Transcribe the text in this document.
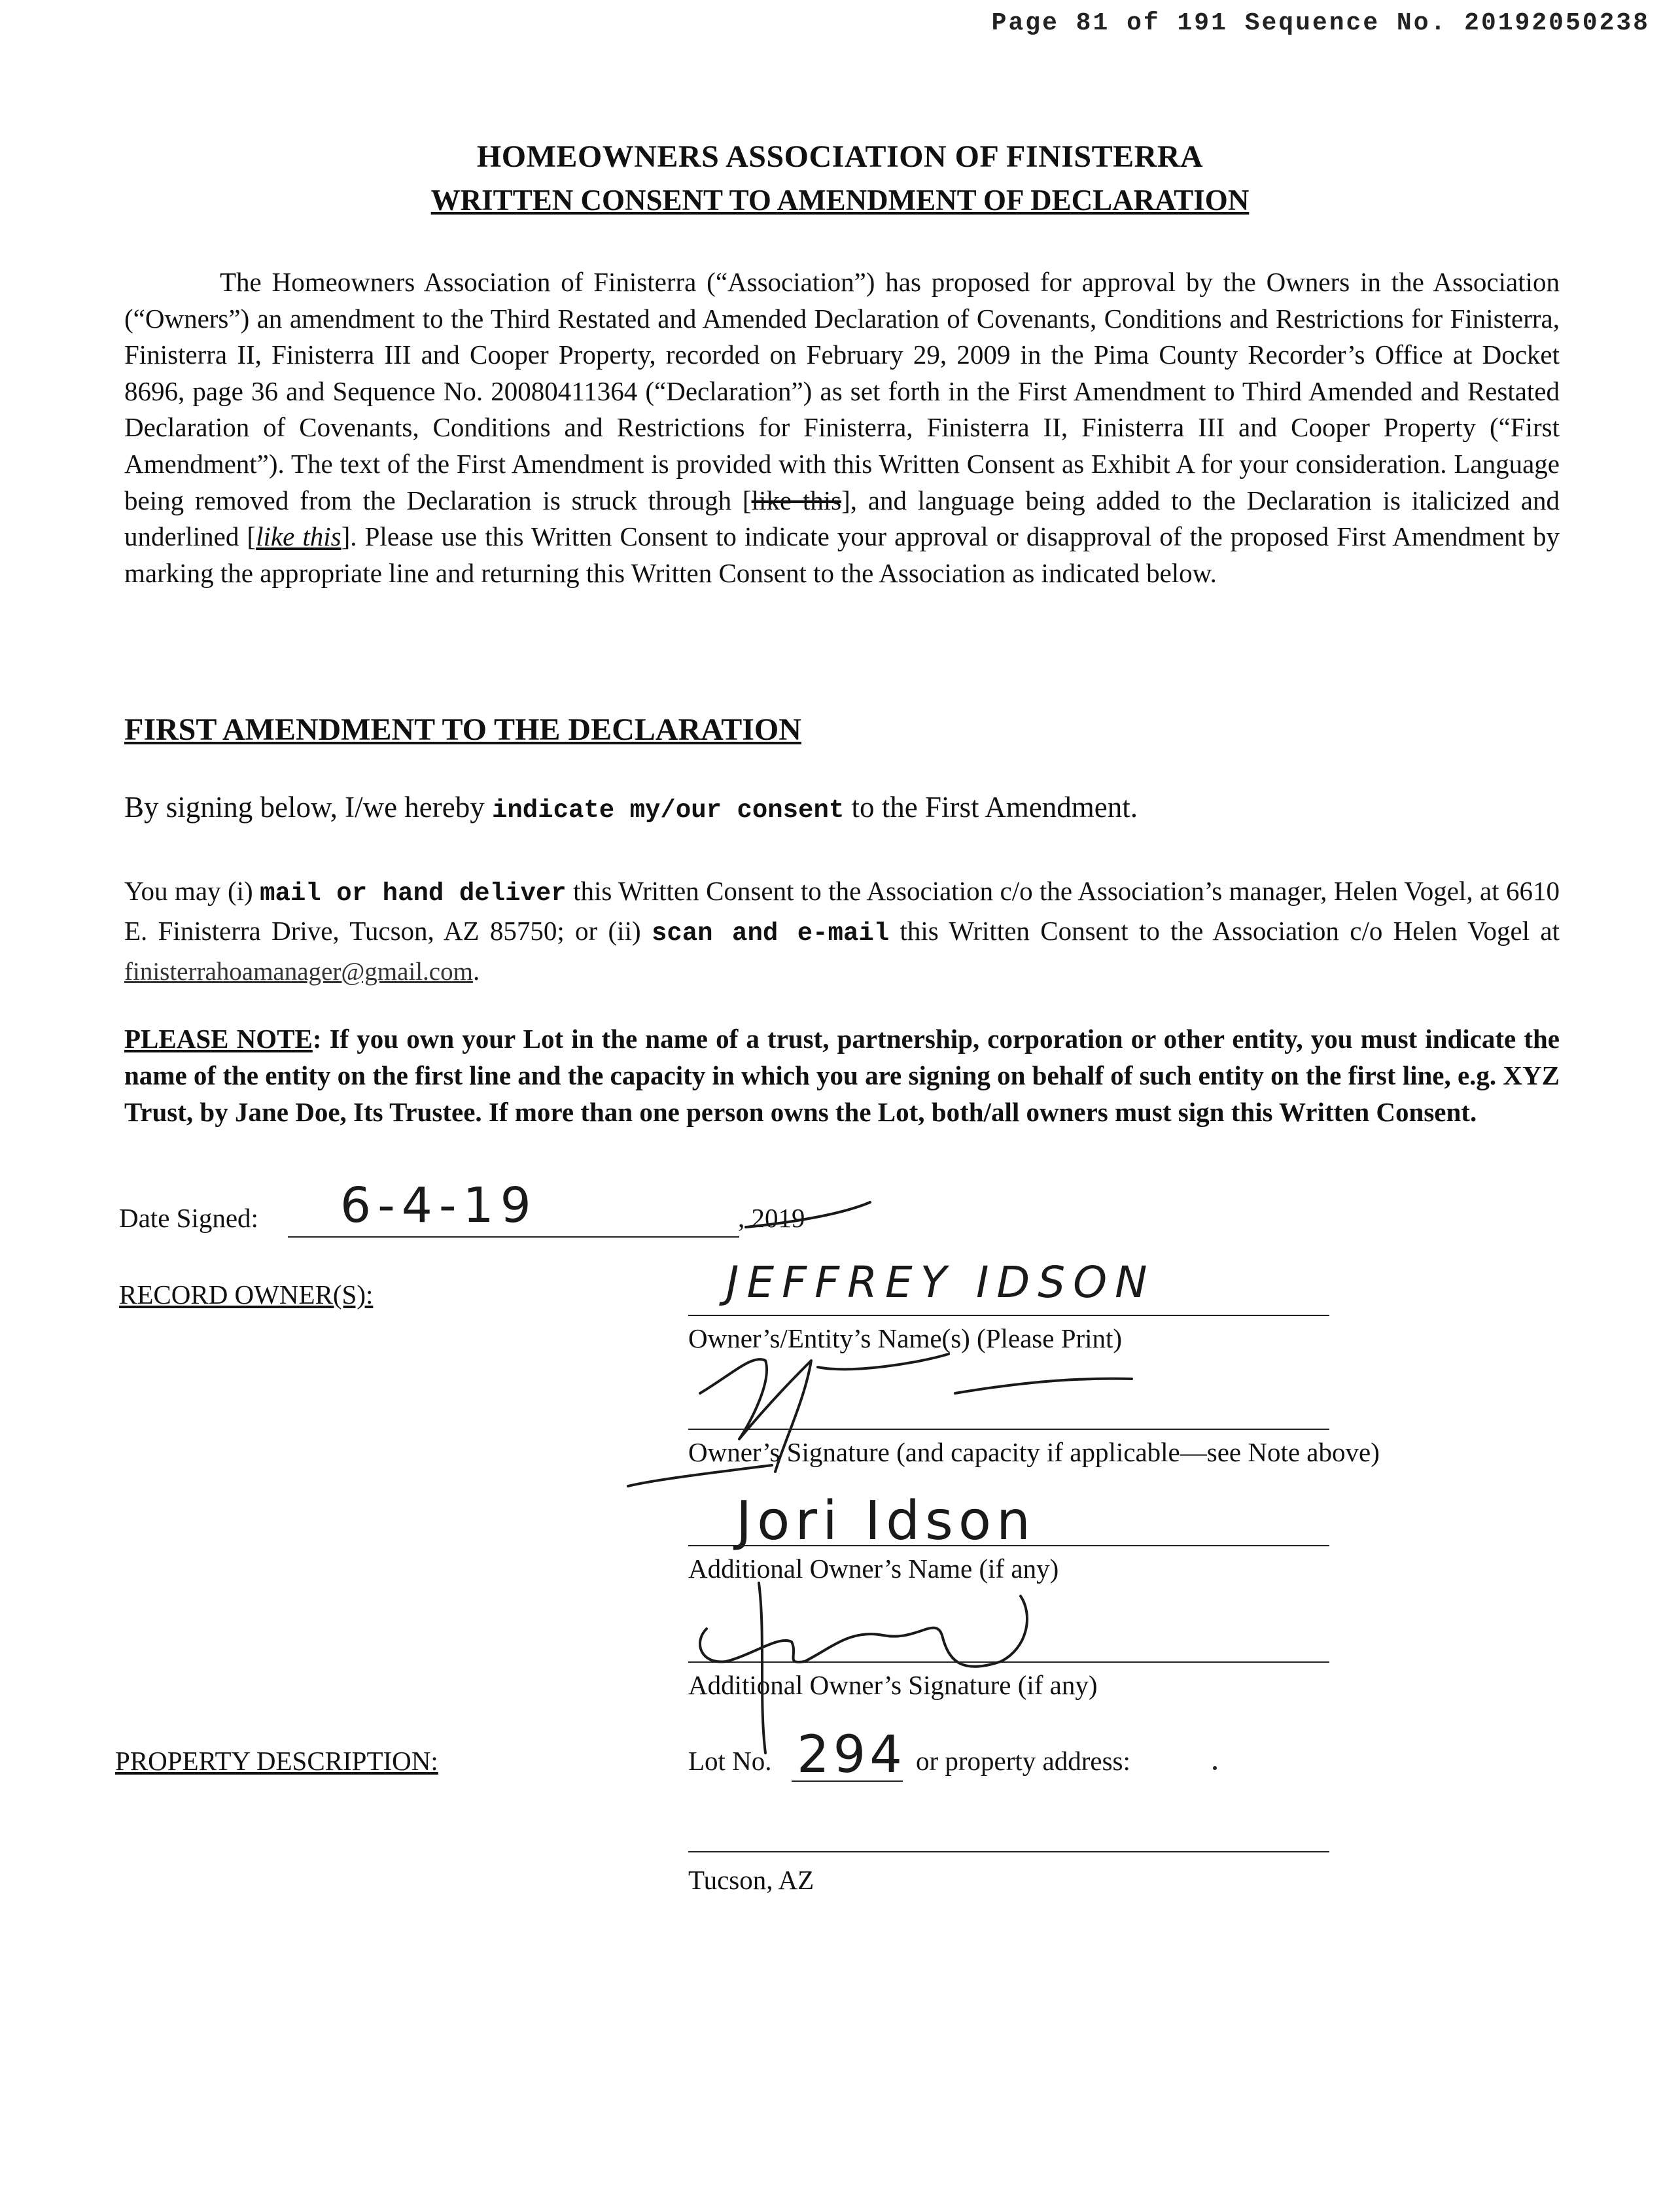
Page 81 of 191 Sequence No. 20192050238
HOMEOWNERS ASSOCIATION OF FINISTERRA
WRITTEN CONSENT TO AMENDMENT OF DECLARATION
The Homeowners Association of Finisterra (“Association”) has proposed for approval by the Owners in the Association (“Owners”) an amendment to the Third Restated and Amended Declaration of Covenants, Conditions and Restrictions for Finisterra, Finisterra II, Finisterra III and Cooper Property, recorded on February 29, 2009 in the Pima County Recorder’s Office at Docket 8696, page 36 and Sequence No. 20080411364 (“Declaration”) as set forth in the First Amendment to Third Amended and Restated Declaration of Covenants, Conditions and Restrictions for Finisterra, Finisterra II, Finisterra III and Cooper Property (“First Amendment”). The text of the First Amendment is provided with this Written Consent as Exhibit A for your consideration. Language being removed from the Declaration is struck through [like this], and language being added to the Declaration is italicized and underlined [like this]. Please use this Written Consent to indicate your approval or disapproval of the proposed First Amendment by marking the appropriate line and returning this Written Consent to the Association as indicated below.
FIRST AMENDMENT TO THE DECLARATION
By signing below, I/we hereby indicate my/our consent to the First Amendment.
You may (i) mail or hand deliver this Written Consent to the Association c/o the Association’s manager, Helen Vogel, at 6610 E. Finisterra Drive, Tucson, AZ 85750; or (ii) scan and e-mail this Written Consent to the Association c/o Helen Vogel at finisterrahoamanager@gmail.com.
PLEASE NOTE: If you own your Lot in the name of a trust, partnership, corporation or other entity, you must indicate the name of the entity on the first line and the capacity in which you are signing on behalf of such entity on the first line, e.g. XYZ Trust, by Jane Doe, Its Trustee. If more than one person owns the Lot, both/all owners must sign this Written Consent.
Date Signed: 6-4-19	, 2019
RECORD OWNER(S):	JEFFREY IDSON
Owner’s/Entity’s Name(s) (Please Print)
Owner’s Signature (and capacity if applicable—see Note above)
Jori Idson
Additional Owner’s Name (if any)
Additional Owner’s Signature (if any)
PROPERTY DESCRIPTION:	Lot No. 294 or property address:
Tucson, AZ
